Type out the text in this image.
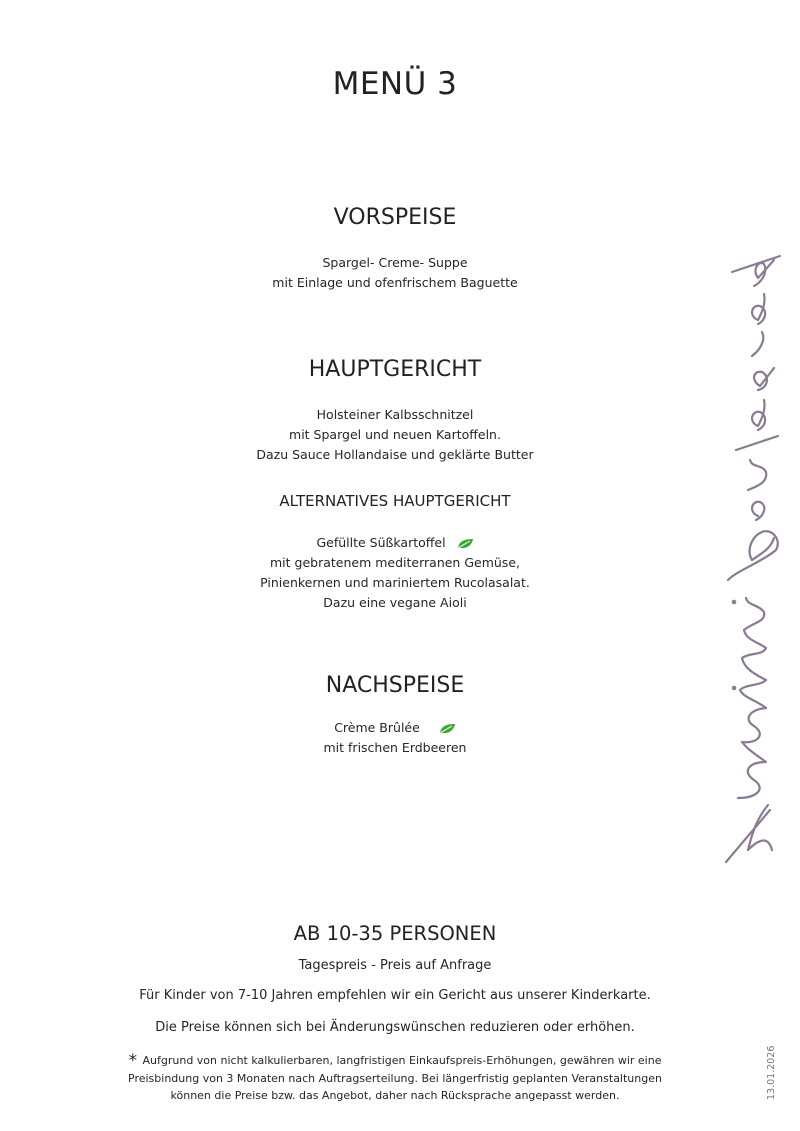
MENÜ 3
VORSPEISE
Spargel- Creme- Suppe
mit Einlage und ofenfrischem Baguette
HAUPTGERICHT
Holsteiner Kalbsschnitzel
mit Spargel und neuen Kartoffeln.
Dazu Sauce Hollandaise und geklärte Butter
ALTERNATIVES HAUPTGERICHT
Gefüllte Süßkartoffel
mit gebratenem mediterranen Gemüse,
Pinienkernen und mariniertem Rucolasalat.
Dazu eine vegane Aioli
NACHSPEISE
Crème Brûlée
mit frischen Erdbeeren
13.01.2026
AB 10-35 PERSONEN
Tagespreis - Preis auf Anfrage
Für Kinder von 7-10 Jahren empfehlen wir ein Gericht aus unserer Kinderkarte.
Die Preise können sich bei Änderungswünschen reduzieren oder erhöhen.
* Aufgrund von nicht kalkulierbaren, langfristigen Einkaufspreis-Erhöhungen, gewähren wir eine
Preisbindung von 3 Monaten nach Auftragserteilung. Bei längerfristig geplanten Veranstaltungen
können die Preise bzw. das Angebot, daher nach Rücksprache angepasst werden.
